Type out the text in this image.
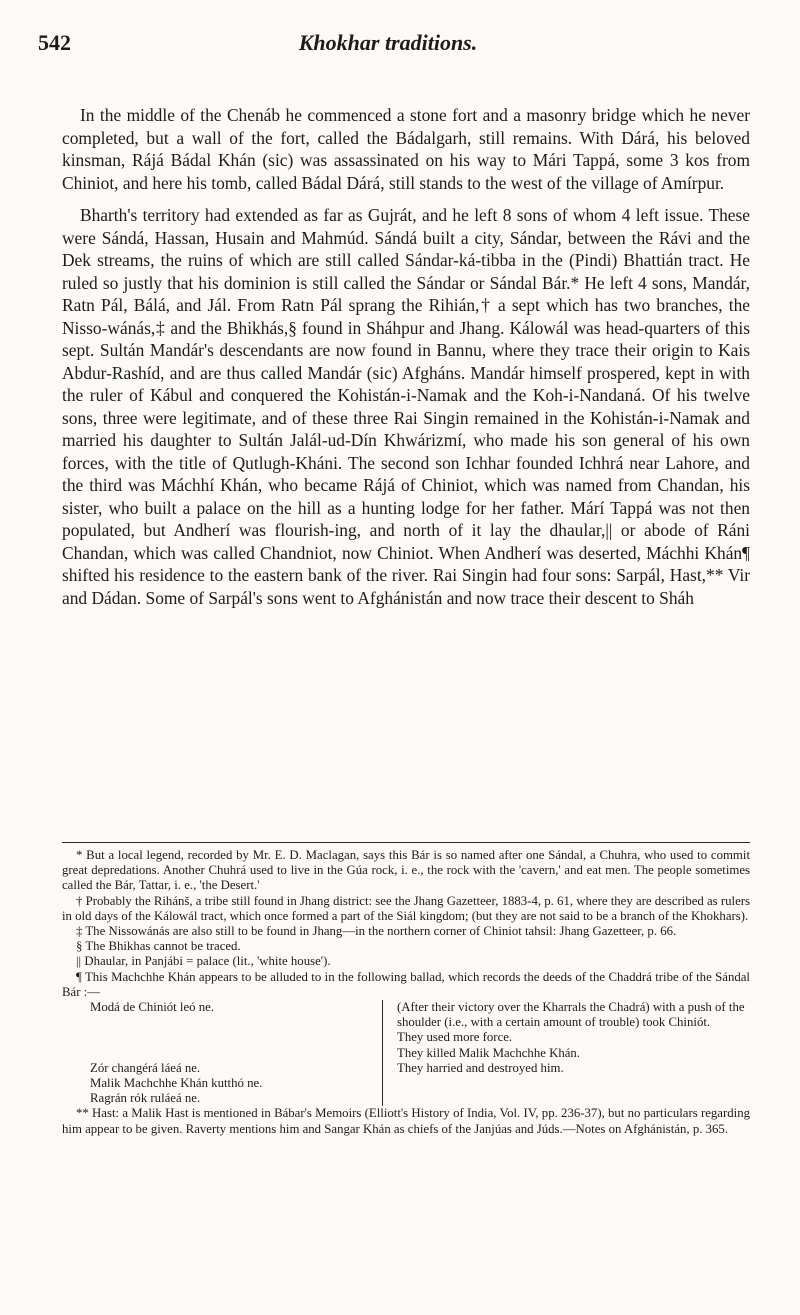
542	Khokhar traditions.

In the middle of the Chenáb he commenced a stone fort and a masonry bridge which he never completed, but a wall of the fort, called the Bádalgarh, still remains. With Dárá, his beloved kinsman, Rájá Bádal Khán (sic) was assassinated on his way to Mári Tappá, some 3 kos from Chiniot, and here his tomb, called Bádal Dárá, still stands to the west of the village of Amírpur.

Bharth's territory had extended as far as Gujrát, and he left 8 sons of whom 4 left issue. These were Sándá, Hassan, Husain and Mahmúd. Sándá built a city, Sándar, between the Rávi and the Dek streams, the ruins of which are still called Sándar-ká-tibba in the (Pindi) Bhattián tract. He ruled so justly that his dominion is still called the Sándar or Sándal Bár.* He left 4 sons, Mandár, Ratn Pál, Bálá, and Jál. From Ratn Pál sprang the Rihián,† a sept which has two branches, the Nisso-wánás,‡ and the Bhikhás,§ found in Sháhpur and Jhang. Kálowál was head-quarters of this sept. Sultán Mandár's descendants are now found in Bannu, where they trace their origin to Kais Abdur-Rashíd, and are thus called Mandár (sic) Afgháns. Mandár himself prospered, kept in with the ruler of Kábul and conquered the Kohistán-i-Namak and the Koh-i-Nandaná. Of his twelve sons, three were legitimate, and of these three Rai Singin remained in the Kohistán-i-Namak and married his daughter to Sultán Jalál-ud-Dín Khwárizmí, who made his son general of his own forces, with the title of Qutlugh-Kháni. The second son Ichhar founded Ichhrá near Lahore, and the third was Máchhí Khán, who became Rájá of Chiniot, which was named from Chandan, his sister, who built a palace on the hill as a hunting lodge for her father. Márí Tappá was not then populated, but Andherí was flourish-ing, and north of it lay the dhaular,|| or abode of Ráni Chandan, which was called Chandniot, now Chiniot. When Andherí was deserted, Máchhi Khán¶ shifted his residence to the eastern bank of the river. Rai Singin had four sons: Sarpál, Hast,** Vir and Dádan. Some of Sarpál's sons went to Afghánistán and now trace their descent to Sháh

* But a local legend, recorded by Mr. E. D. Maclagan, says this Bár is so named after one Sándal, a Chuhra, who used to commit great depredations. Another Chuhrá used to live in the Gúa rock, i. e., the rock with the 'cavern,' and eat men. The people sometimes called the Bár, Tattar, i. e., 'the Desert.'

† Probably the Rihánš, a tribe still found in Jhang district: see the Jhang Gazetteer, 1883-4, p. 61, where they are described as rulers in old days of the Kálowál tract, which once formed a part of the Siál kingdom; (but they are not said to be a branch of the Khokhars).

‡ The Nissowánás are also still to be found in Jhang—in the northern corner of Chiniot tahsil: Jhang Gazetteer, p. 66.

§ The Bhikhas cannot be traced.

|| Dhaular, in Panjábi = palace (lit., 'white house').

¶ This Machchhe Khán appears to be alluded to in the following ballad, which records the deeds of the Chaddrá tribe of the Sándal Bár :—

Modá de Chiniót leó ne.
Zór changérá láeá ne.
Malik Machchhe Khán kutthó ne.
Ragrán rók ruláeá ne.
(After their victory over the Kharrals the Chadrá) with a push of the shoulder (i.e., with a certain amount of trouble) took Chiniót.
They used more force.
They killed Malik Machchhe Khán.
They harried and destroyed him.

** Hast: a Malik Hast is mentioned in Bábar's Memoirs (Elliott's History of India, Vol. IV, pp. 236-37), but no particulars regarding him appear to be given. Raverty mentions him and Sangar Khán as chiefs of the Janjúas and Júds.—Notes on Afghánistán, p. 365.
